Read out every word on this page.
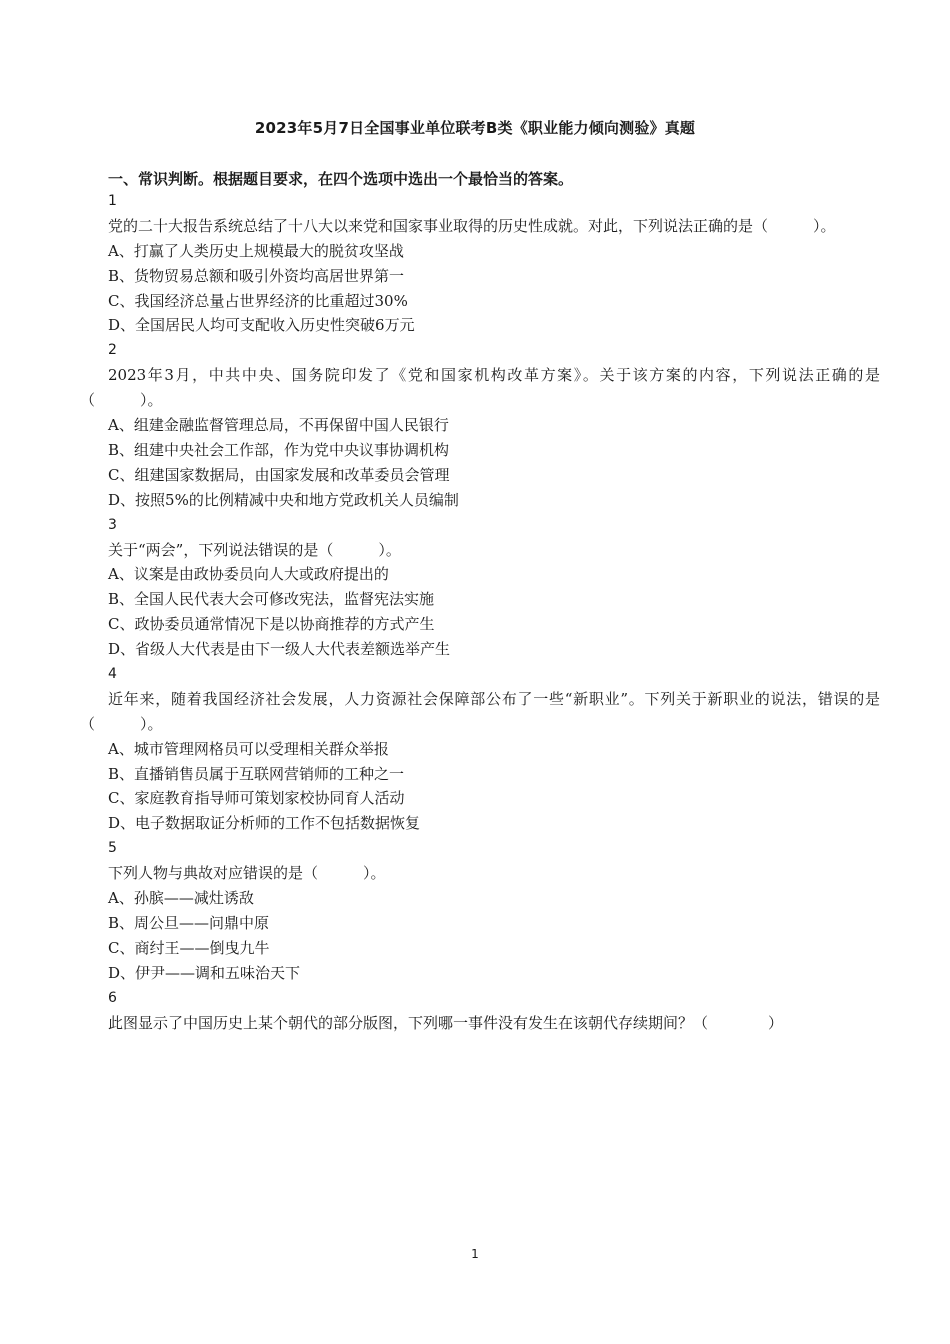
2023年5月7日全国事业单位联考B类《职业能力倾向测验》真题
一、常识判断。根据题目要求，在四个选项中选出一个最恰当的答案。
1
党的二十大报告系统总结了十八大以来党和国家事业取得的历史性成就。对此，下列说法正确的是（　　　）。
A、打赢了人类历史上规模最大的脱贫攻坚战
B、货物贸易总额和吸引外资均高居世界第一
C、我国经济总量占世界经济的比重超过30%
D、全国居民人均可支配收入历史性突破6万元
2
2023年3月，中共中央、国务院印发了《党和国家机构改革方案》。关于该方案的内容，下列说法正确的是（　　　）。
A、组建金融监督管理总局，不再保留中国人民银行
B、组建中央社会工作部，作为党中央议事协调机构
C、组建国家数据局，由国家发展和改革委员会管理
D、按照5%的比例精减中央和地方党政机关人员编制
3
关于“两会”，下列说法错误的是（　　　）。
A、议案是由政协委员向人大或政府提出的
B、全国人民代表大会可修改宪法，监督宪法实施
C、政协委员通常情况下是以协商推荐的方式产生
D、省级人大代表是由下一级人大代表差额选举产生
4
近年来，随着我国经济社会发展，人力资源社会保障部公布了一些“新职业”。下列关于新职业的说法，错误的是（　　　）。
A、城市管理网格员可以受理相关群众举报
B、直播销售员属于互联网营销师的工种之一
C、家庭教育指导师可策划家校协同育人活动
D、电子数据取证分析师的工作不包括数据恢复
5
下列人物与典故对应错误的是（　　　）。
A、孙膑——减灶诱敌
B、周公旦——问鼎中原
C、商纣王——倒曳九牛
D、伊尹——调和五味治天下
6
此图显示了中国历史上某个朝代的部分版图，下列哪一事件没有发生在该朝代存续期间？（　　　　）
1
